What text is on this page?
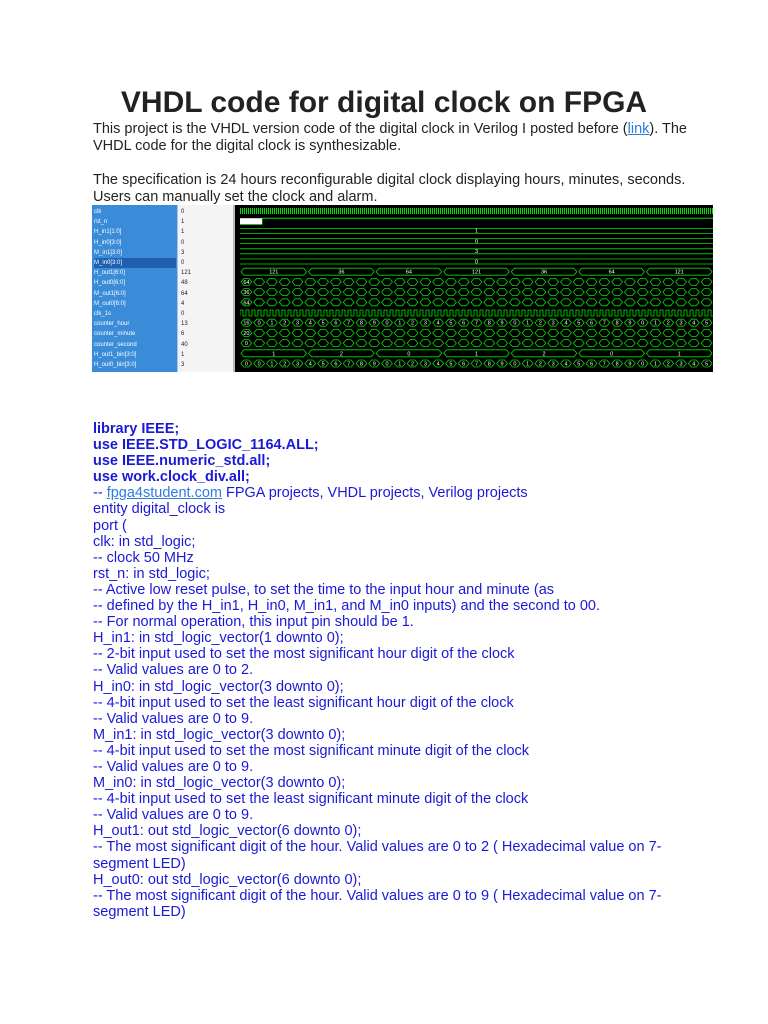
VHDL code for digital clock on FPGA

This project is the VHDL version code of the digital clock in Verilog I posted before (link). The VHDL code for the digital clock is synthesizable.

The specification is 24 hours reconfigurable digital clock displaying hours, minutes, seconds. Users can manually set the clock and alarm.

clk
rst_n
H_in1[1:0]
H_in0[3:0]
M_in1[3:0]
M_in0[3:0]
H_out1[6:0]
H_out0[6:0]
M_out1[6:0]
M_out0[6:0]
clk_1s
counter_hour
counter_minute
counter_second
H_out1_bin[3:0]
H_out0_bin[3:0]
0
1
1
0
3
0
121
48
64
4
0
13
6
40
1
3
1
0
3
0
121	36	64	121	36	64	121
64
36
64
16 0 1 2 3 4 5 6 7 8 9 0 1 2 3 4 5 6 7 8 9 0 1 2 3 4 5 6 7 8 9 0 1 2 3 4 5
20
0
1	2	0	1	2	0	1
0 0 1 2 3 4 5 6 7 8 9 0 1 2 3 4 5 6 7 8 9 0 1 2 3 4 5 6 7 8 9 0 1 2 3 4 5
library IEEE;
use IEEE.STD_LOGIC_1164.ALL;
use IEEE.numeric_std.all;
use work.clock_div.all;
-- fpga4student.com FPGA projects, VHDL projects, Verilog projects
entity digital_clock is
port (
clk: in std_logic;
-- clock 50 MHz
rst_n: in std_logic;
-- Active low reset pulse, to set the time to the input hour and minute (as
-- defined by the H_in1, H_in0, M_in1, and M_in0 inputs) and the second to 00.
-- For normal operation, this input pin should be 1.
H_in1: in std_logic_vector(1 downto 0);
-- 2-bit input used to set the most significant hour digit of the clock
-- Valid values are 0 to 2.
H_in0: in std_logic_vector(3 downto 0);
-- 4-bit input used to set the least significant hour digit of the clock
-- Valid values are 0 to 9.
M_in1: in std_logic_vector(3 downto 0);
-- 4-bit input used to set the most significant minute digit of the clock
-- Valid values are 0 to 9.
M_in0: in std_logic_vector(3 downto 0);
-- 4-bit input used to set the least significant minute digit of the clock
-- Valid values are 0 to 9.
H_out1: out std_logic_vector(6 downto 0);
-- The most significant digit of the hour. Valid values are 0 to 2 ( Hexadecimal value on 7-segment LED)
H_out0: out std_logic_vector(6 downto 0);
-- The most significant digit of the hour. Valid values are 0 to 9 ( Hexadecimal value on 7-segment LED)
